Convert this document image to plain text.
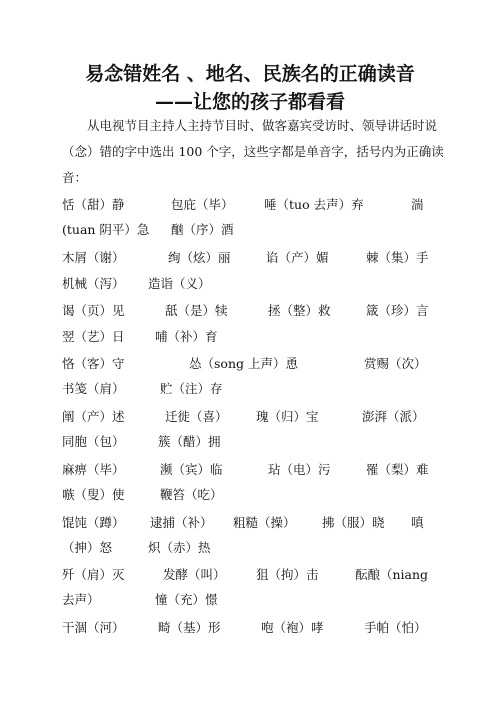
易念错姓名 、地名、民族名的正确读音
——让您的孩子都看看
从电视节目主持人主持节目时、做客嘉宾受访时、领导讲话时说
（念）错的字中选出 100 个字，这些字都是单音字，括号内为正确读
音：
恬（甜）静	包庇（毕） 唾（tuo 去声）弃	湍
(tuan 阴平）急 酗（序）酒
木屑（谢）	绚（炫）丽	谄（产）媚	棘（集）手
机械（泻） 造诣（义）
谒（页）见	舐（是）犊	拯（整）救	箴（珍）言
翌（艺）日 哺（补）育
恪（客）守	怂（song 上声）恿	赏赐（次）
书笺（肩）	贮（注）存
阐（产）述	迁徙（喜） 瑰（归）宝	澎湃（派）
同胞（包）	簇（醋）拥
麻痹（毕）	濒（宾）临	玷（电）污	罹（梨）难
嗾（叟）使	鞭笞（吃）
馄饨（蹲） 逮捕（补） 粗糙（操） 拂（服）晓 嗔
（抻）怒	炽（赤）热
歼（肩）灭	发酵（叫） 狙（拘）击	酝酿（niang
去声）	憧（充）憬
干涸（河）	畸（基）形	咆（袍）哮	手帕（怕）
